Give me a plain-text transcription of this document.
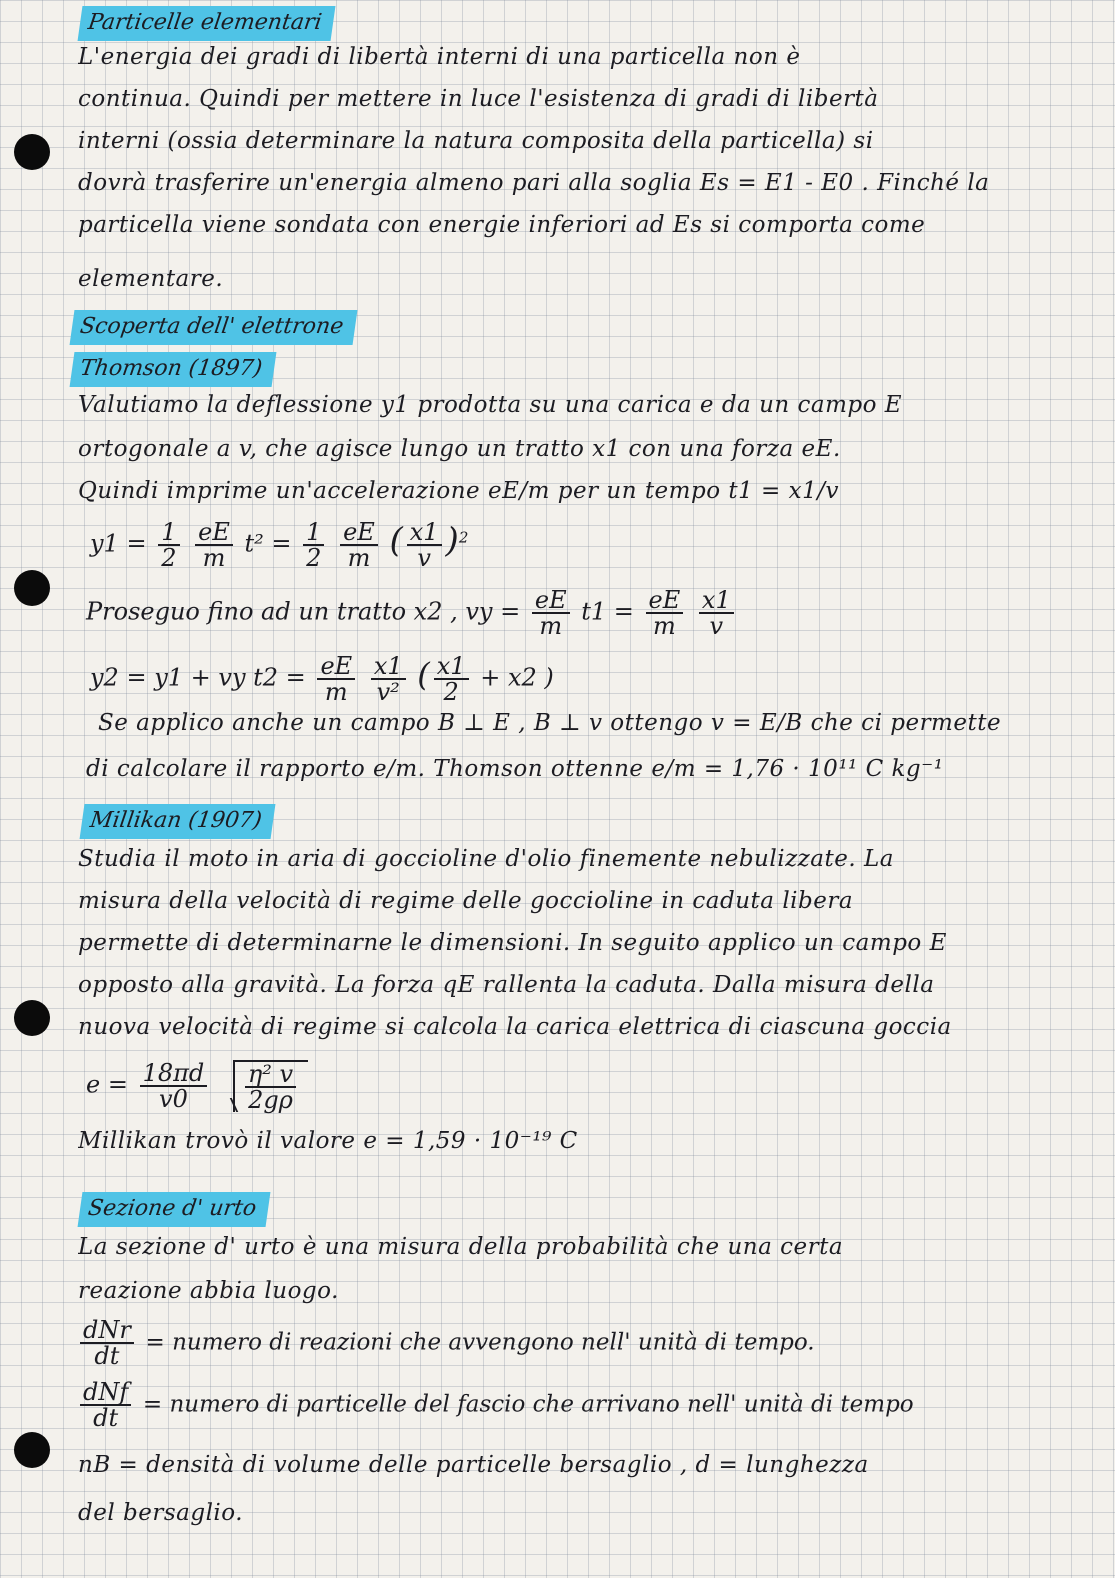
Particelle elementari
L'energia dei gradi di libertà interni di una particella non è
continua. Quindi per mettere in luce l'esistenza di gradi di libertà
interni (ossia determinare la natura composita della particella) si
dovrà trasferire un'energia almeno pari alla soglia Es = E1 - E0 . Finché la
particella viene sondata con energie inferiori ad Es si comporta come
elementare.
Scoperta dell' elettrone
Thomson (1897)
Valutiamo la deflessione y1 prodotta su una carica e da un campo E
ortogonale a v, che agisce lungo un tratto x1 con una forza eE.
Quindi imprime un'accelerazione eE/m per un tempo t1 = x1/v
$y1 = \frac{1}{2}$
$\frac{eE}{m} t^2 = \frac{1}{2}$
$\frac{eE}{m}$ ( $\frac{x1}{v} )^2$
Proseguo fino ad un tratto x2 , vy = $\frac{eE}{m} t1 = \frac{eE}{m}$
$\frac{x1}{v}$
y2 = y1 + vy $t2 = \frac{eE}{m}$
$\frac{x1}{\text{v²}}$ ( $\frac{x1}{2} + x2$ )
Se applico anche un campo B ⊥ E , B ⊥ v ottengo v = E/B che ci permette
di calcolare il rapporto e/m. Thomson ottenne e/m = 1,76 · 10¹¹ C kg⁻¹
Millikan (1907)
Studia il moto in aria di goccioline d'olio finemente nebulizzate. La
misura della velocità di regime delle goccioline in caduta libera
permette di determinarne le dimensioni. In seguito applico un campo E
opposto alla gravità. La forza qE rallenta la caduta. Dalla misura della
nuova velocità di regime si calcola la carica elettrica di ciascuna goccia
$e = \frac{18\pi d}{v0}$
$\frac{\text{η² v}}{2g\rho}$
Millikan trovò il valore e = 1,59 · 10⁻¹⁹ C
Sezione d' urto
La sezione d' urto è una misura della probabilità che una certa
reazione abbia luogo.
$\frac{\text{dNr}}{dt}$ = numero di reazioni che avvengono nell' unità di tempo.
$\frac{\text{dNf}}{dt}$ = numero di particelle del fascio che arrivano nell' unità di tempo
nB = densità di volume delle particelle bersaglio , d = lunghezza
del bersaglio.
